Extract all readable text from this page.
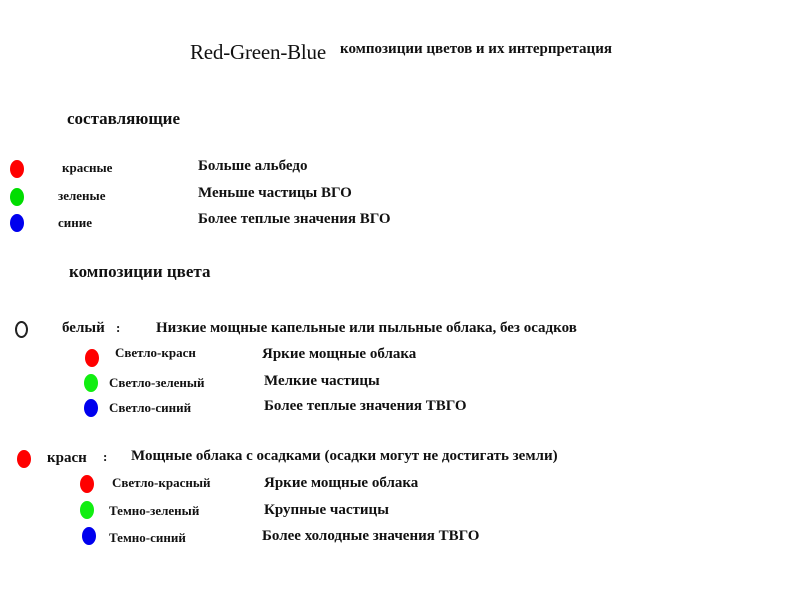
Red-Green-Blue композиции цветов и их интерпретация
составляющие
красные	Больше альбедо
зеленые	Меньше частицы ВГО
синие	Более теплые значения ВГО
композиции цвета
белый : Низкие мощные капельные или пыльные облака, без осадков
Светло-красн	Яркие мощные облака
Светло-зеленый	Мелкие частицы
Светло-синий	Более теплые значения ТВГО
красн : Мощные облака с осадками (осадки могут не достигать земли)
Светло-красный	Яркие мощные облака
Темно-зеленый	Крупные частицы
Темно-синий	Более холодные значения ТВГО
